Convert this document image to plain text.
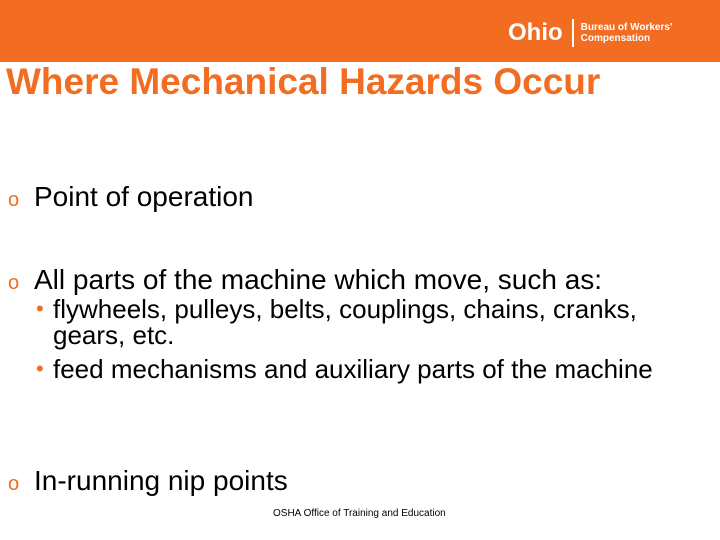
Ohio Bureau of Workers'
Compensation
Where Mechanical Hazards Occur
o Point of operation
o All parts of the machine which move, such as:
• flywheels, pulleys, belts, couplings, chains, cranks, gears, etc.
• feed mechanisms and auxiliary parts of the machine
o In-running nip points
OSHA Office of Training and Education
